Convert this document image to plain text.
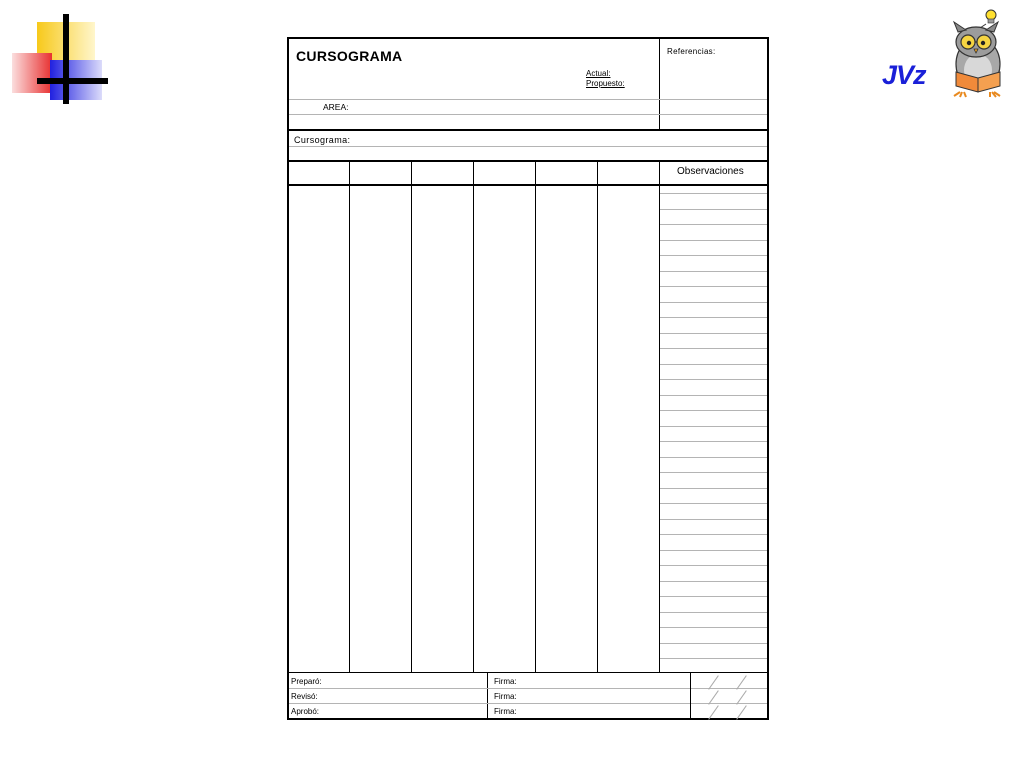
JVz
CURSOGRAMA
Actual:
Propuesto:
Referencias:
AREA:
Cursograma:
Observaciones
Preparó:	Firma:
Revisó:	Firma:
Aprobó:	Firma:
